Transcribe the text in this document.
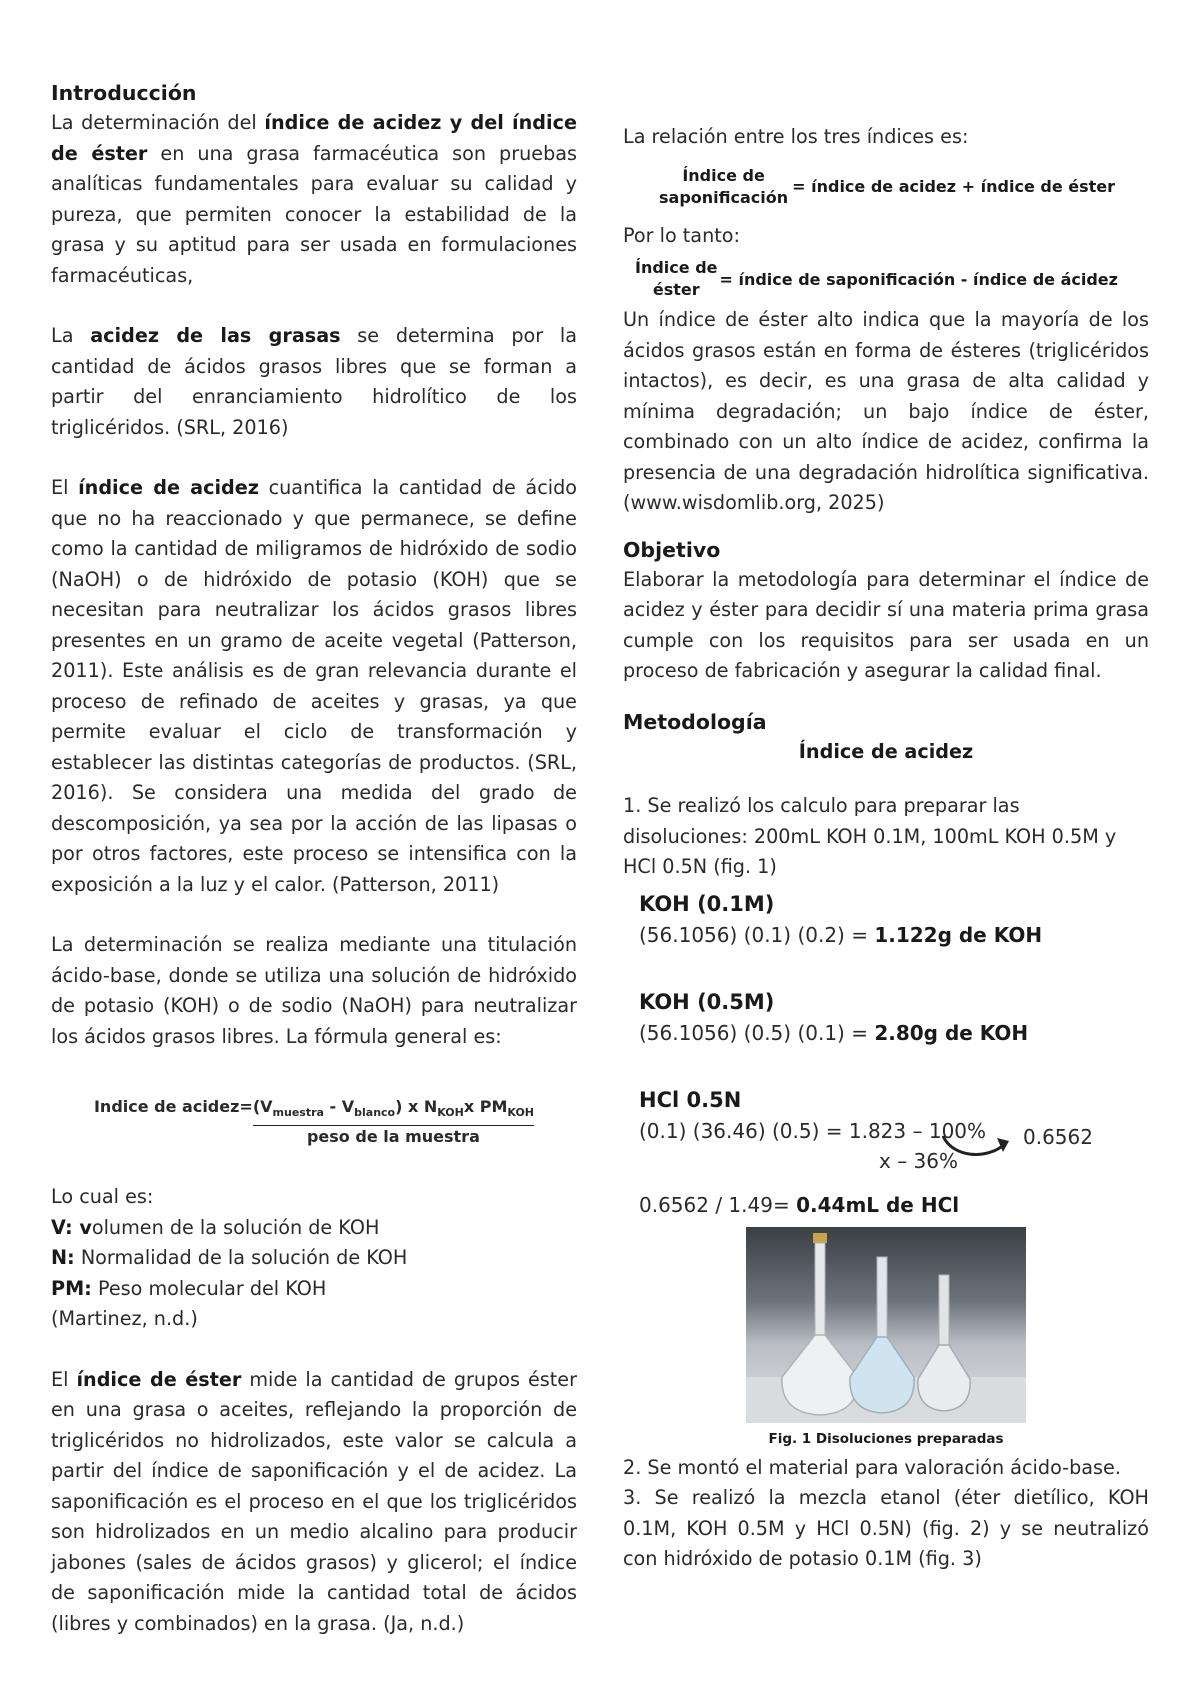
Introducción

La determinación del índice de acidez y del índice de éster en una grasa farmacéutica son pruebas analíticas fundamentales para evaluar su calidad y pureza, que permiten conocer la estabilidad de la grasa y su aptitud para ser usada en formulaciones farmacéuticas,

La acidez de las grasas se determina por la cantidad de ácidos grasos libres que se forman a partir del enranciamiento hidrolítico de los triglicéridos. (SRL, 2016)

El índice de acidez cuantifica la cantidad de ácido que no ha reaccionado y que permanece, se define como la cantidad de miligramos de hidróxido de sodio (NaOH) o de hidróxido de potasio (KOH) que se necesitan para neutralizar los ácidos grasos libres presentes en un gramo de aceite vegetal (Patterson, 2011). Este análisis es de gran relevancia durante el proceso de refinado de aceites y grasas, ya que permite evaluar el ciclo de transformación y establecer las distintas categorías de productos. (SRL, 2016). Se considera una medida del grado de descomposición, ya sea por la acción de las lipasas o por otros factores, este proceso se intensifica con la exposición a la luz y el calor. (Patterson, 2011)

La determinación se realiza mediante una titulación ácido-base, donde se utiliza una solución de hidróxido de potasio (KOH) o de sodio (NaOH) para neutralizar los ácidos grasos libres. La fórmula general es:

Indice de acidez= $(V_{muestra} - V_{blanco})$ x $N_{KOH}x$ $PM_{KOH}$
peso de la muestra

Lo cual es:

V: volumen de la solución de KOH

N: Normalidad de la solución de KOH

PM: Peso molecular del KOH

(Martinez, n.d.)

El índice de éster mide la cantidad de grupos éster en una grasa o aceites, reflejando la proporción de triglicéridos no hidrolizados, este valor se calcula a partir del índice de saponificación y el de acidez. La saponificación es el proceso en el que los triglicéridos son hidrolizados en un medio alcalino para producir jabones (sales de ácidos grasos) y glicerol; el índice de saponificación mide la cantidad total de ácidos (libres y combinados) en la grasa. (Ja, n.d.)

La relación entre los tres índices es:

Índice de
saponificación
= índice de acidez + índice de éster

Por lo tanto:

Índice de
éster
= índice de saponificación - índice de ácidez

Un índice de éster alto indica que la mayoría de los ácidos grasos están en forma de ésteres (triglicéridos intactos), es decir, es una grasa de alta calidad y mínima degradación; un bajo índice de éster, combinado con un alto índice de acidez, confirma la presencia de una degradación hidrolítica significativa. (www.wisdomlib.org, 2025)

Objetivo

Elaborar la metodología para determinar el índice de acidez y éster para decidir sí una materia prima grasa cumple con los requisitos para ser usada en un proceso de fabricación y asegurar la calidad final.

Metodología

Índice de acidez

1. Se realizó los calculo para preparar las disoluciones: 200mL KOH 0.1M, 100mL KOH 0.5M y HCl 0.5N (fig. 1)

KOH (0.1M)
(56.1056) (0.1) (0.2) = 1.122g de KOH
KOH (0.5M)
(56.1056) (0.5) (0.1) = 2.80g de KOH
HCl 0.5N
(0.1) (36.46) (0.5) = 1.823 – 100%
x – 36%
0.6562
0.6562 / 1.49= 0.44mL de HCl
Fig. 1 Disoluciones preparadas

2. Se montó el material para valoración ácido-base.

3. Se realizó la mezcla etanol (éter dietílico, KOH 0.1M, KOH 0.5M y HCl 0.5N) (fig. 2) y se neutralizó con hidróxido de potasio 0.1M (fig. 3)
